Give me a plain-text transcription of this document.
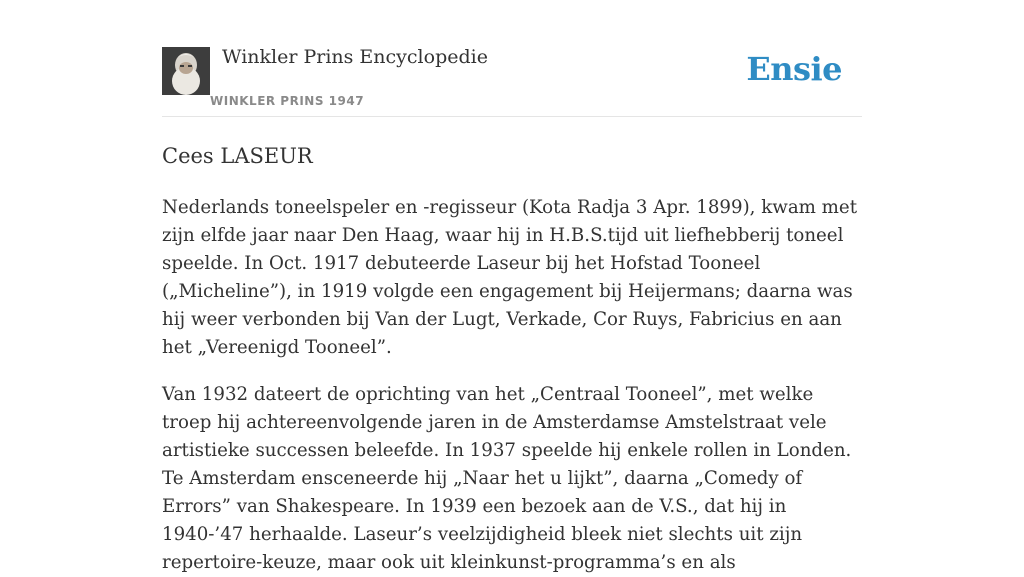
Winkler Prins Encyclopedie
WINKLER PRINS 1947
Ensie
Cees LASEUR

Nederlands toneelspeler en -regisseur (Kota Radja 3 Apr. 1899), kwam met zijn elfde jaar naar Den Haag, waar hij in H.B.S.tijd uit liefhebberij toneel speelde. In Oct. 1917 debuteerde Laseur bij het Hofstad Tooneel („Micheline”), in 1919 volgde een engagement bij Heijermans; daarna was hij weer verbonden bij Van der Lugt, Verkade, Cor Ruys, Fabricius en aan het „Vereenigd Tooneel”.

Van 1932 dateert de oprichting van het „Centraal Tooneel”, met welke troep hij achtereenvolgende jaren in de Amsterdamse Amstelstraat vele artistieke successen beleefde. In 1937 speelde hij enkele rollen in Londen. Te Amsterdam ensceneerde hij „Naar het u lijkt”, daarna „Comedy of Errors” van Shakespeare. In 1939 een bezoek aan de V.S., dat hij in 1940-’47 herhaalde. Laseur’s veelzijdigheid bleek niet slechts uit zijn repertoire-keuze, maar ook uit kleinkunst-programma’s en als
